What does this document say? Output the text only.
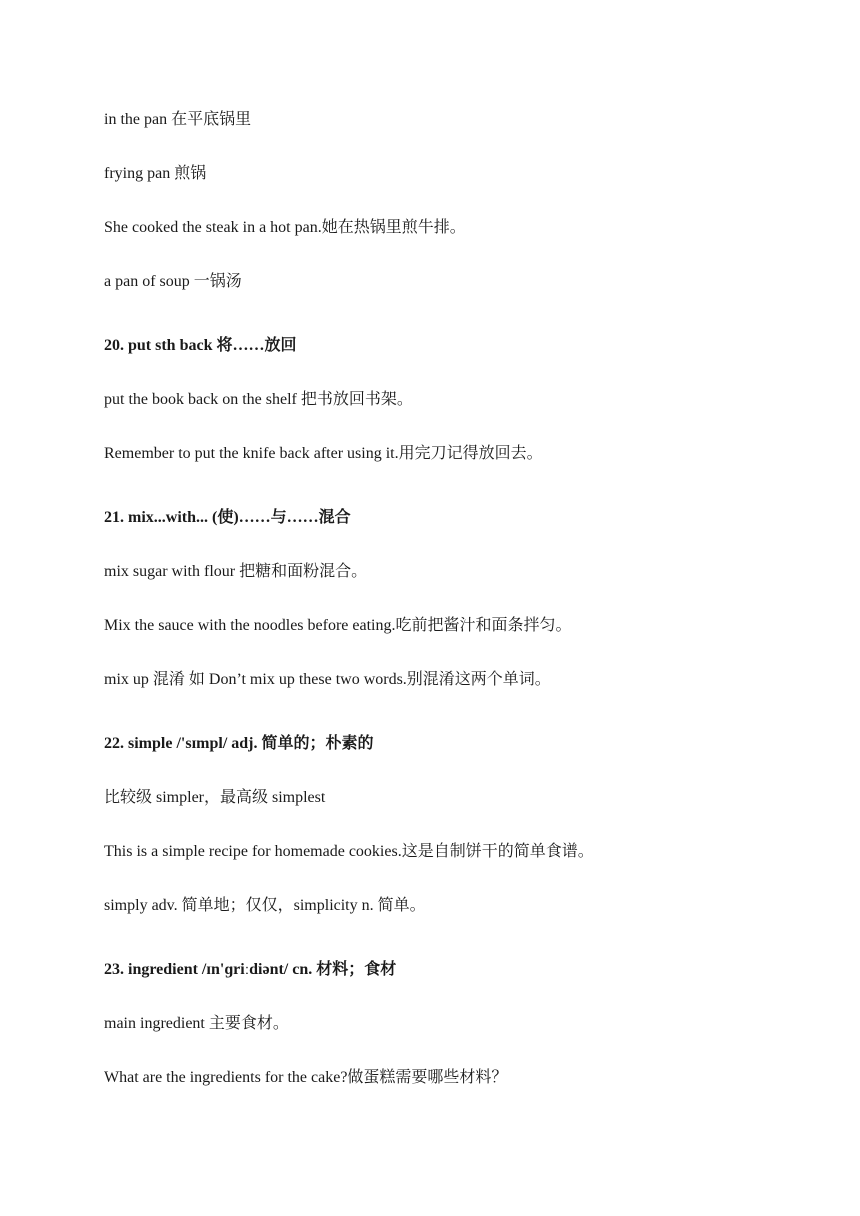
in the pan 在平底锅里
frying pan 煎锅
She cooked the steak in a hot pan.她在热锅里煎牛排。
a pan of soup 一锅汤
20. put sth back 将……放回
put the book back on the shelf 把书放回书架。
Remember to put the knife back after using it.用完刀记得放回去。
21. mix...with... (使)……与……混合
mix sugar with flour 把糖和面粉混合。
Mix the sauce with the noodles before eating.吃前把酱汁和面条拌匀。
mix up 混淆 如 Don’t mix up these two words.别混淆这两个单词。
22. simple /'sɪmpl/ adj. 简单的；朴素的
比较级 simpler，最高级 simplest
This is a simple recipe for homemade cookies.这是自制饼干的简单食谱。
simply adv. 简单地；仅仅，simplicity n. 简单。
23. ingredient /ɪn'ɡriːdiənt/ cn. 材料；食材
main ingredient 主要食材。
What are the ingredients for the cake?做蛋糕需要哪些材料？
